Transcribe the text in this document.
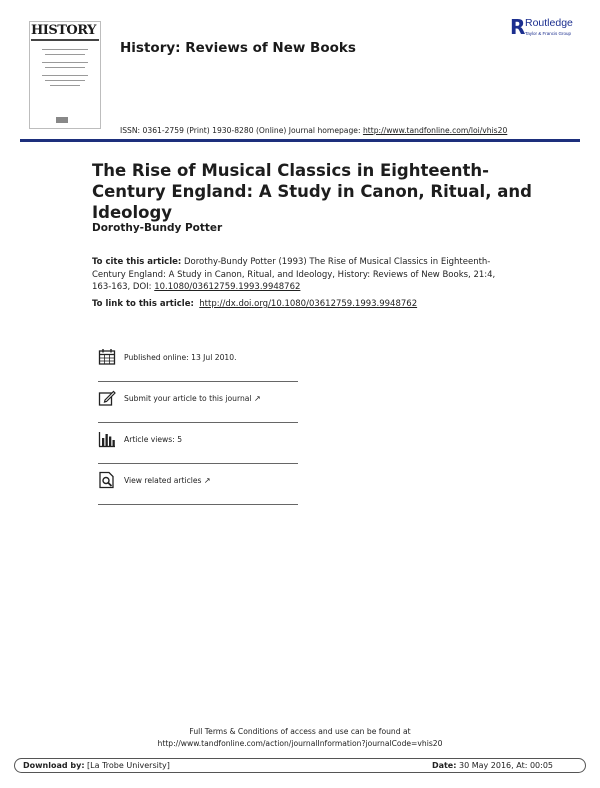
HISTORY
History: Reviews of New Books
R Routledge
Taylor & Francis Group
ISSN: 0361-2759 (Print) 1930-8280 (Online) Journal homepage: http://www.tandfonline.com/loi/vhis20
The Rise of Musical Classics in Eighteenth-Century England: A Study in Canon, Ritual, and Ideology
Dorothy-Bundy Potter
To cite this article: Dorothy-Bundy Potter (1993) The Rise of Musical Classics in Eighteenth-Century England: A Study in Canon, Ritual, and Ideology, History: Reviews of New Books, 21:4, 163-163, DOI: 10.1080/03612759.1993.9948762
To link to this article: http://dx.doi.org/10.1080/03612759.1993.9948762
Published online: 13 Jul 2010.
Submit your article to this journal ↗
Article views: 5
View related articles ↗
Full Terms & Conditions of access and use can be found at
http://www.tandfonline.com/action/journalInformation?journalCode=vhis20
Download by: [La Trobe University]	Date: 30 May 2016, At: 00:05
